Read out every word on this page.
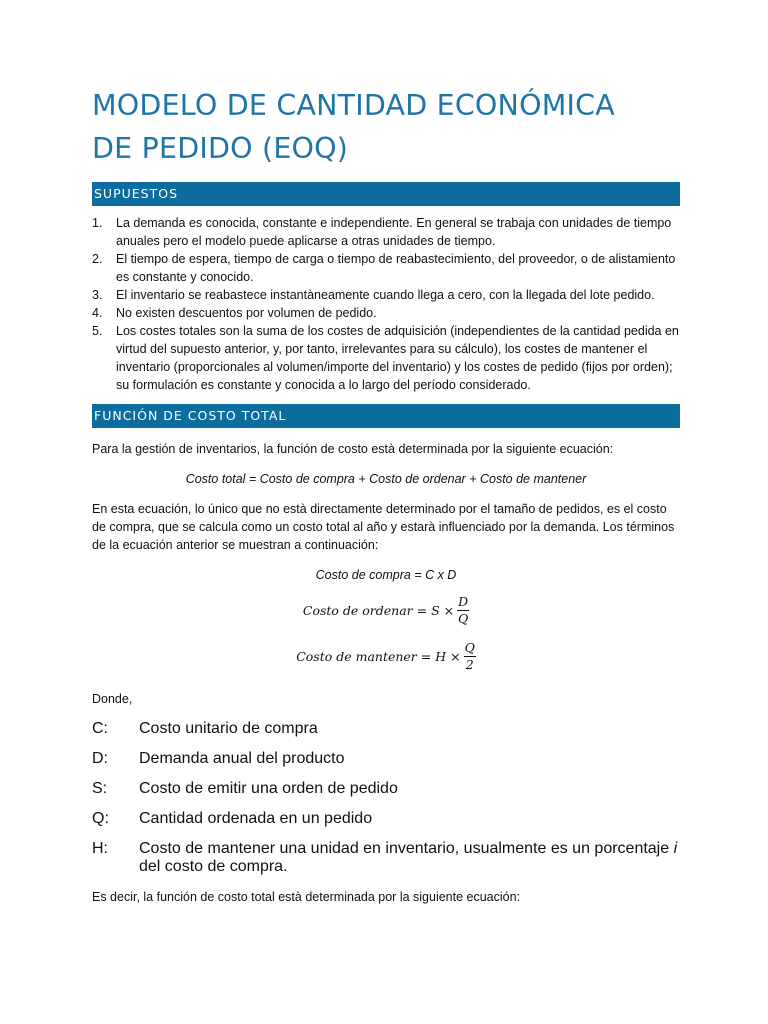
MODELO DE CANTIDAD ECONÓMICA
DE PEDIDO (EOQ)
SUPUESTOS
1. La demanda es conocida, constante e independiente. En general se trabaja con unidades de tiempo anuales pero el modelo puede aplicarse a otras unidades de tiempo.
2. El tiempo de espera, tiempo de carga o tiempo de reabastecimiento, del proveedor, o de alistamiento es constante y conocido.
3. El inventario se reabastece instantàneamente cuando llega a cero, con la llegada del lote pedido.
4. No existen descuentos por volumen de pedido.
5. Los costes totales son la suma de los costes de adquisición (independientes de la cantidad pedida en virtud del supuesto anterior, y, por tanto, irrelevantes para su cálculo), los costes de mantener el inventario (proporcionales al volumen/importe del inventario) y los costes de pedido (fijos por orden); su formulación es constante y conocida a lo largo del período considerado.
FUNCIÓN DE COSTO TOTAL

Para la gestión de inventarios, la función de costo està determinada por la siguiente ecuación:

Costo total = Costo de compra + Costo de ordenar + Costo de mantener

En esta ecuación, lo único que no està directamente determinado por el tamaño de pedidos, es el costo de compra, que se calcula como un costo total al año y estarà influenciado por la demanda. Los términos de la ecuación anterior se muestran a continuación:

Costo de compra = C x D

Costo de ordenar = $S \times \frac{D}{Q}$
Costo de mantener = $H \times \frac{Q}{2}$

Donde,

C:	Costo unitario de compra
D:	Demanda anual del producto
S:	Costo de emitir una orden de pedido
Q:	Cantidad ordenada en un pedido
H:	Costo de mantener una unidad en inventario, usualmente es un porcentaje i del costo de compra.

Es decir, la función de costo total està determinada por la siguiente ecuación:
